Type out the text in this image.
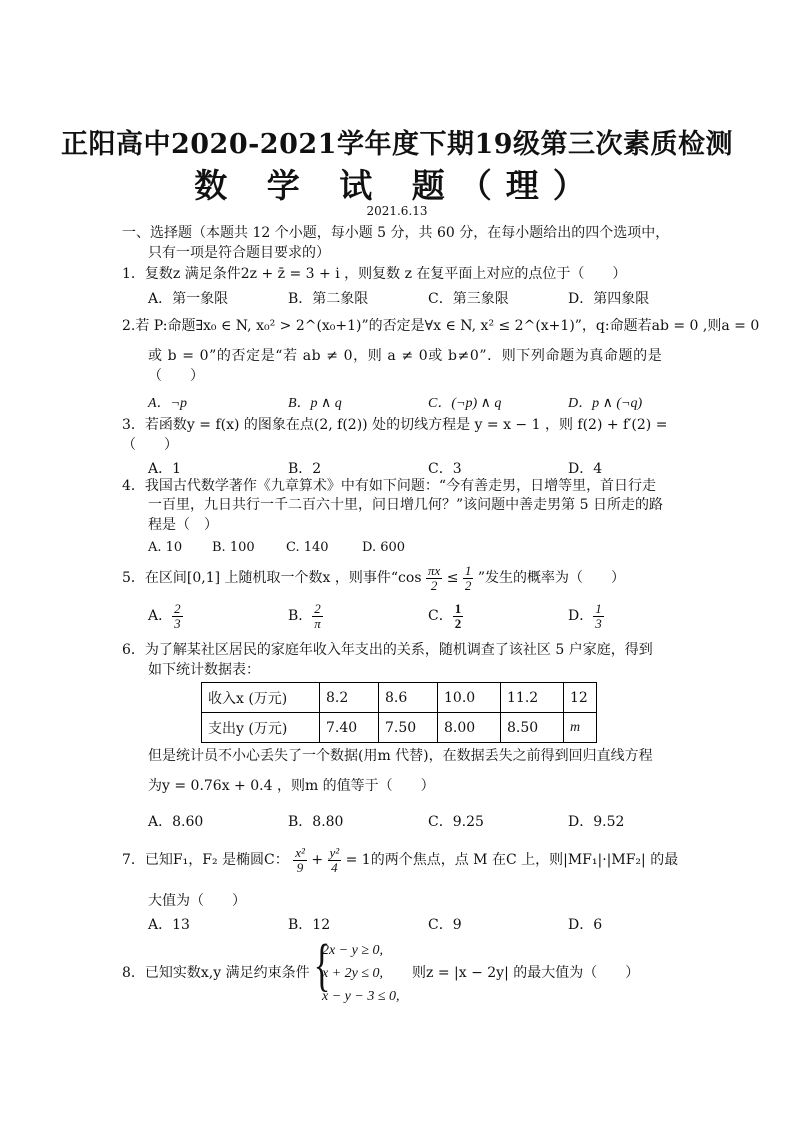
正阳高中2020-2021学年度下期19级第三次素质检测
数 学 试 题（理）
2021.6.13
一、选择题（本题共 12 个小题，每小题 5 分，共 60 分，在每小题给出的四个选项中，
只有一项是符合题目要求的）
1．复数z 满足条件2z + z̄ = 3 + i ，则复数 z 在复平面上对应的点位于（　　）
A．第一象限	B．第二象限	C．第三象限	D．第四象限
2.若 P:命题∃x₀ ∈ N, x₀² > 2^(x₀+1)”的否定是∀x ∈ N, x² ≤ 2^(x+1)”，q:命题若ab = 0 ,则a = 0
或 b = 0”的否定是“若 ab ≠ 0，则 a ≠ 0或 b≠0”．则下列命题为真命题的是
（　　）
A．¬p	B．p ∧ q	C．(¬p) ∧ q	D．p ∧ (¬q)
3．若函数y = f(x) 的图象在点(2, f(2)) 处的切线方程是 y = x − 1 ，则 f(2) + f′(2) =
（　　）
A．1	B．2	C．3	D．4
4．我国古代数学著作《九章算术》中有如下问题：“今有善走男，日增等里，首日行走
一百里，九日共行一千二百六十里，问日增几何？”该问题中善走男第 5 日所走的路
程是（　）
A. 10 B. 100 C. 140	D. 600
5．在区间[0,1] 上随机取一个数x ，则事件“$\cos \frac{\pi x}{2} \le \frac{1}{2}$ ”发生的概率为（　　）
A． $\frac{2}{3}$	B． $\frac{2}{\pi}$	C． $\frac{1}{2}$	D． $\frac{1}{3}$
6．为了解某社区居民的家庭年收入年支出的关系，随机调查了该社区 5 户家庭，得到
如下统计数据表：
收入x (万元)	8.2	8.6	10.0	11.2	12
支出y (万元)	7.40	7.50	8.00	8.50	m
但是统计员不小心丢失了一个数据(用m 代替)，在数据丢失之前得到回归直线方程
为y = 0.76x + 0.4 ，则m 的值等于（　　）
A．8.60	B．8.80	C．9.25	D．9.52
7．已知F₁，F₂ 是椭圆C： $\frac{\text{x²}}{9} + \frac{\text{y²}}{4} = 1$的两个焦点，点 M 在C 上，则|MF₁|·|MF₂| 的最
大值为（　　）
A．13	B．12	C．9	D．6
8．已知实数x,y 满足约束条件 {
2x − y ≥ 0,
x + 2y ≤ 0,
x − y − 3 ≤ 0,
则z = |x − 2y| 的最大值为（　　）
